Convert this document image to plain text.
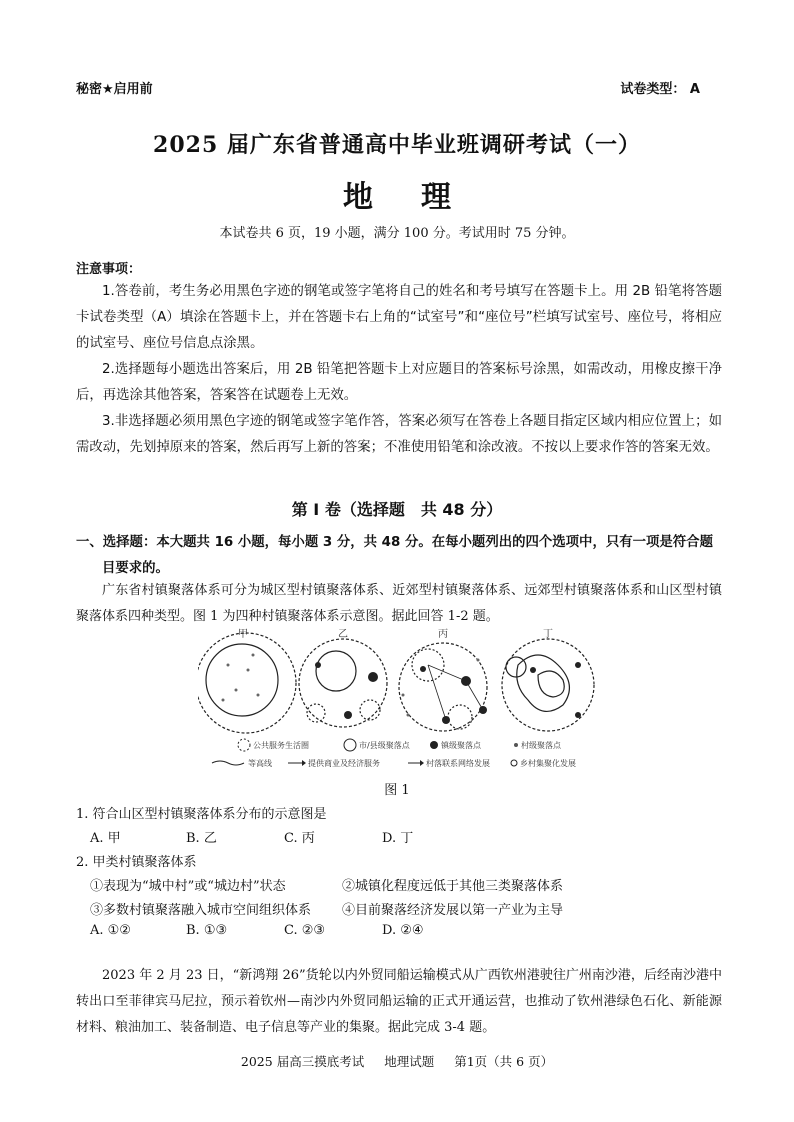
秘密★启用前	试卷类型： A
2025 届广东省普通高中毕业班调研考试（一）
地 理
本试卷共 6 页，19 小题，满分 100 分。考试用时 75 分钟。
注意事项：
1.答卷前，考生务必用黑色字迹的钢笔或签字笔将自己的姓名和考号填写在答题卡上。用 2B 铅笔将答题卡试卷类型（A）填涂在答题卡上，并在答题卡右上角的“试室号”和“座位号”栏填写试室号、座位号，将相应的试室号、座位号信息点涂黑。
2.选择题每小题选出答案后，用 2B 铅笔把答题卡上对应题目的答案标号涂黑，如需改动，用橡皮擦干净后，再选涂其他答案，答案答在试题卷上无效。
3.非选择题必须用黑色字迹的钢笔或签字笔作答，答案必须写在答卷上各题目指定区域内相应位置上；如需改动，先划掉原来的答案，然后再写上新的答案；不准使用铅笔和涂改液。不按以上要求作答的答案无效。
第 I 卷（选择题　共 48 分）
一、选择题：本大题共 16 小题，每小题 3 分，共 48 分。在每小题列出的四个选项中，只有一项是符合题
目要求的。
广东省村镇聚落体系可分为城区型村镇聚落体系、近郊型村镇聚落体系、远郊型村镇聚落体系和山区型村镇聚落体系四种类型。图 1 为四种村镇聚落体系示意图。据此回答 1-2 题。
甲	乙	丙	丁
公共服务生活圈	市/县级聚落点	镇级聚落点	村级聚落点
等高线	提供商业及经济服务	村落联系网络发展	乡村集聚化发展
图 1
1. 符合山区型村镇聚落体系分布的示意图是
A. 甲	B. 乙	C. 丙	D. 丁
2. 甲类村镇聚落体系
①表现为“城中村”或“城边村”状态	②城镇化程度远低于其他三类聚落体系
③多数村镇聚落融入城市空间组织体系 ④目前聚落经济发展以第一产业为主导
A. ①②	B. ①③	C. ②③	D. ②④
2023 年 2 月 23 日，“新鸿翔 26”货轮以内外贸同船运输模式从广西钦州港驶往广州南沙港，后经南沙港中转出口至菲律宾马尼拉，预示着钦州—南沙内外贸同船运输的正式开通运营，也推动了钦州港绿色石化、新能源材料、粮油加工、装备制造、电子信息等产业的集聚。据此完成 3-4 题。
2025 届高三摸底考试 地理试题 第1页（共 6 页）
